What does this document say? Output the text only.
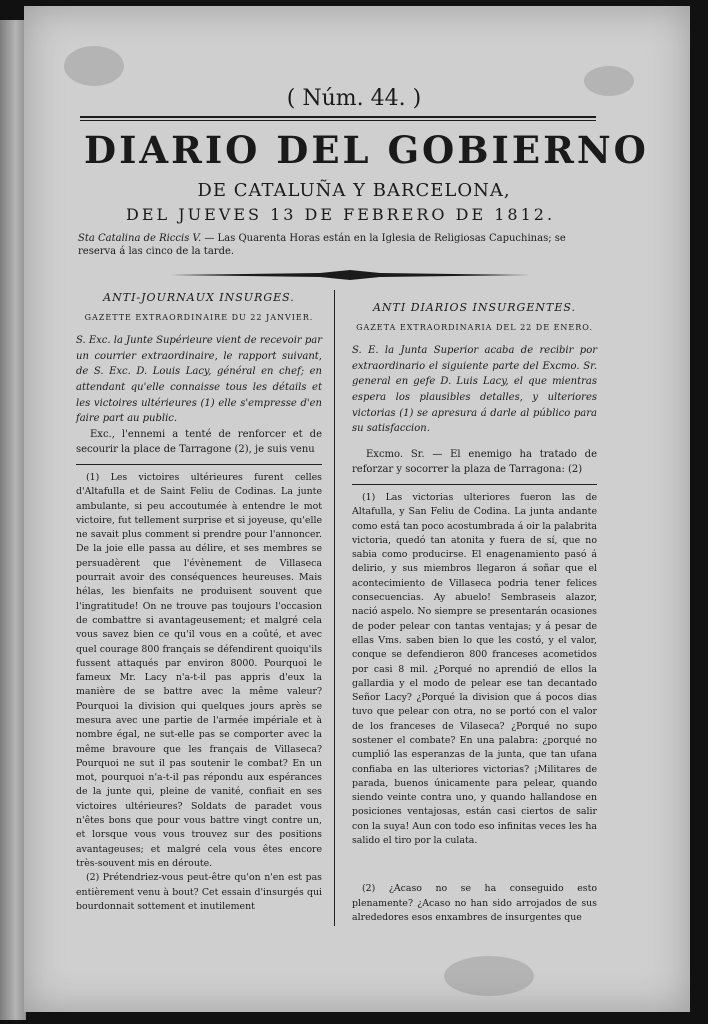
( Núm. 44. )
DIARIO DEL GOBIERNO
DE CATALUÑA Y BARCELONA,
DEL JUEVES 13 DE FEBRERO DE 1812.
Sta Catalina de Riccis V. — Las Quarenta Horas están en la Iglesia de Religiosas Capuchinas; se reserva á las cinco de la tarde.

ANTI-JOURNAUX INSURGES.

GAZETTE EXTRAORDINAIRE DU 22 JANVIER.

S. Exc. la Junte Supérieure vient de recevoir par un courrier extraordinaire, le rapport suivant, de S. Exc. D. Louis Lacy, général en chef; en attendant qu'elle connaisse tous les détails et les victoires ultérieures (1) elle s'empresse d'en faire part au public.

Exc., l'ennemi a tenté de renforcer et de secourir la place de Tarragone (2), je suis venu

(1) Les victoires ultérieures furent celles d'Altafulla et de Saint Feliu de Codinas. La junte ambulante, si peu accoutumée à entendre le mot victoire, fut tellement surprise et si joyeuse, qu'elle ne savait plus comment si prendre pour l'annoncer. De la joie elle passa au délire, et ses membres se persuadèrent que l'évènement de Villaseca pourrait avoir des conséquences heureuses. Mais hélas, les bienfaits ne produisent souvent que l'ingratitude! On ne trouve pas toujours l'occasion de combattre si avantageusement; et malgré cela vous savez bien ce qu'il vous en a coûté, et avec quel courage 800 français se défendirent quoiqu'ils fussent attaqués par environ 8000. Pourquoi le fameux Mr. Lacy n'a-t-il pas appris d'eux la manière de se battre avec la même valeur? Pourquoi la division qui quelques jours après se mesura avec une partie de l'armée impériale et à nombre égal, ne sut-elle pas se comporter avec la même bravoure que les français de Villaseca? Pourquoi ne sut il pas soutenir le combat? En un mot, pourquoi n'a-t-il pas répondu aux espérances de la junte qui, pleine de vanité, confiait en ses victoires ultérieures? Soldats de paradet vous n'êtes bons que pour vous battre vingt contre un, et lorsque vous vous trouvez sur des positions avantageuses; et malgré cela vous êtes encore très-souvent mis en déroute.

(2) Prétendriez-vous peut-être qu'on n'en est pas entièrement venu à bout? Cet essain d'insurgés qui bourdonnait sottement et inutilement

ANTI DIARIOS INSURGENTES.

GAZETA EXTRAORDINARIA DEL 22 DE ENERO.

S. E. la Junta Superior acaba de recibir por extraordinario el siguiente parte del Excmo. Sr. general en gefe D. Luis Lacy, el que mientras espera los plausibles detalles, y ulteriores victorias (1) se apresura á darle al público para su satisfaccion.

Excmo. Sr. — El enemigo ha tratado de reforzar y socorrer la plaza de Tarragona: (2)

(1) Las victorias ulteriores fueron las de Altafulla, y San Feliu de Codina. La junta andante como está tan poco acostumbrada á oir la palabrita victoria, quedó tan atonita y fuera de sí, que no sabia como producirse. El enagenamiento pasó á delirio, y sus miembros llegaron á soñar que el acontecimiento de Villaseca podria tener felices consecuencias. Ay abuelo! Sembraseis alazor, nació aspelo. No siempre se presentarán ocasiones de poder pelear con tantas ventajas; y á pesar de ellas Vms. saben bien lo que les costó, y el valor, conque se defendieron 800 franceses acometidos por casi 8 mil. ¿Porqué no aprendió de ellos la gallardia y el modo de pelear ese tan decantado Señor Lacy? ¿Porqué la division que á pocos dias tuvo que pelear con otra, no se portó con el valor de los franceses de Vilaseca? ¿Porqué no supo sostener el combate? En una palabra: ¿porqué no cumplió las esperanzas de la junta, que tan ufana confiaba en las ulteriores victorias? ¡Militares de parada, buenos únicamente para pelear, quando siendo veinte contra uno, y quando hallandose en posiciones ventajosas, están casi ciertos de salir con la suya! Aun con todo eso infinitas veces les ha salido el tiro por la culata.

(2) ¿Acaso no se ha conseguido esto plenamente? ¿Acaso no han sido arrojados de sus alrededores esos enxambres de insurgentes que
